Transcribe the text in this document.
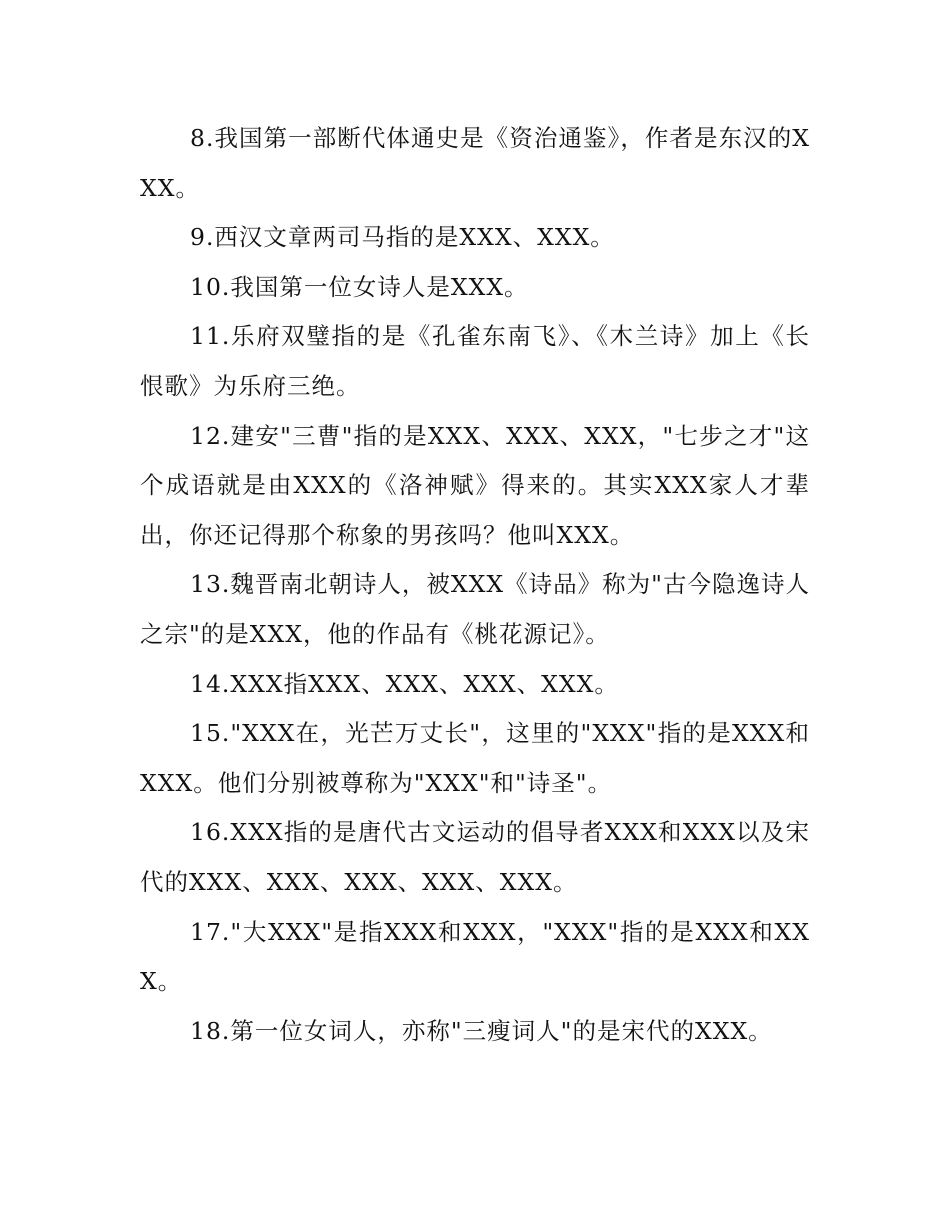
8.我国第一部断代体通史是《资治通鉴》，作者是东汉的XXX。

9.西汉文章两司马指的是XXX、XXX。

10.我国第一位女诗人是XXX。

11.乐府双璧指的是《孔雀东南飞》、《木兰诗》加上《长恨歌》为乐府三绝。

12.建安"三曹"指的是XXX、XXX、XXX，"七步之才"这个成语就是由XXX的《洛神赋》得来的。其实XXX家人才辈出，你还记得那个称象的男孩吗？他叫XXX。

13.魏晋南北朝诗人，被XXX《诗品》称为"古今隐逸诗人之宗"的是XXX，他的作品有《桃花源记》。

14.XXX指XXX、XXX、XXX、XXX。

15."XXX在，光芒万丈长"，这里的"XXX"指的是XXX和XXX。他们分别被尊称为"XXX"和"诗圣"。

16.XXX指的是唐代古文运动的倡导者XXX和XXX以及宋代的XXX、XXX、XXX、XXX、XXX。

17."大XXX"是指XXX和XXX，"XXX"指的是XXX和XXX。

18.第一位女词人，亦称"三瘦词人"的是宋代的XXX。
